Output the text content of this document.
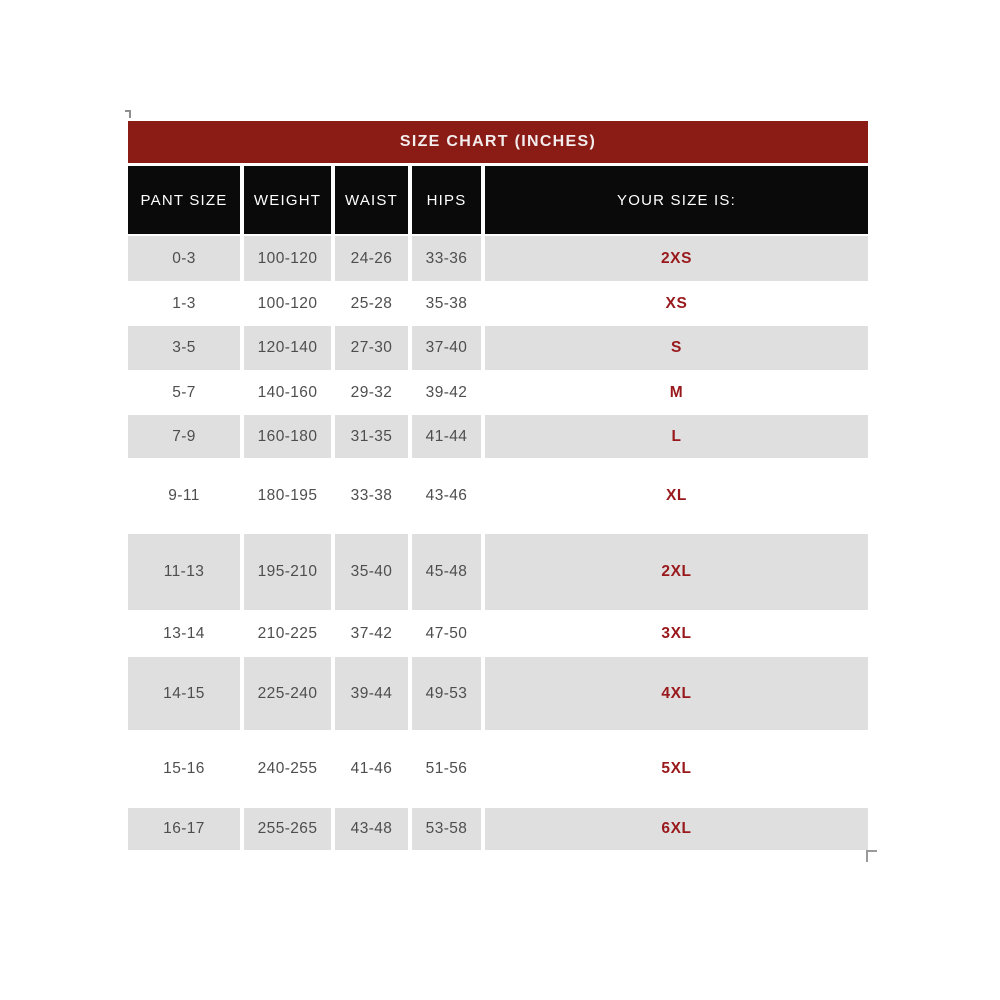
SIZE CHART (INCHES)
PANT SIZE	WEIGHT	WAIST	HIPS	YOUR SIZE IS:
0-3	100-120	24-26	33-36	2XS
1-3	100-120	25-28	35-38	XS
3-5	120-140	27-30	37-40	S
5-7	140-160	29-32	39-42	M
7-9	160-180	31-35	41-44	L
9-11	180-195	33-38	43-46	XL
11-13	195-210	35-40	45-48	2XL
13-14	210-225	37-42	47-50	3XL
14-15	225-240	39-44	49-53	4XL
15-16	240-255	41-46	51-56	5XL
16-17	255-265	43-48	53-58	6XL
